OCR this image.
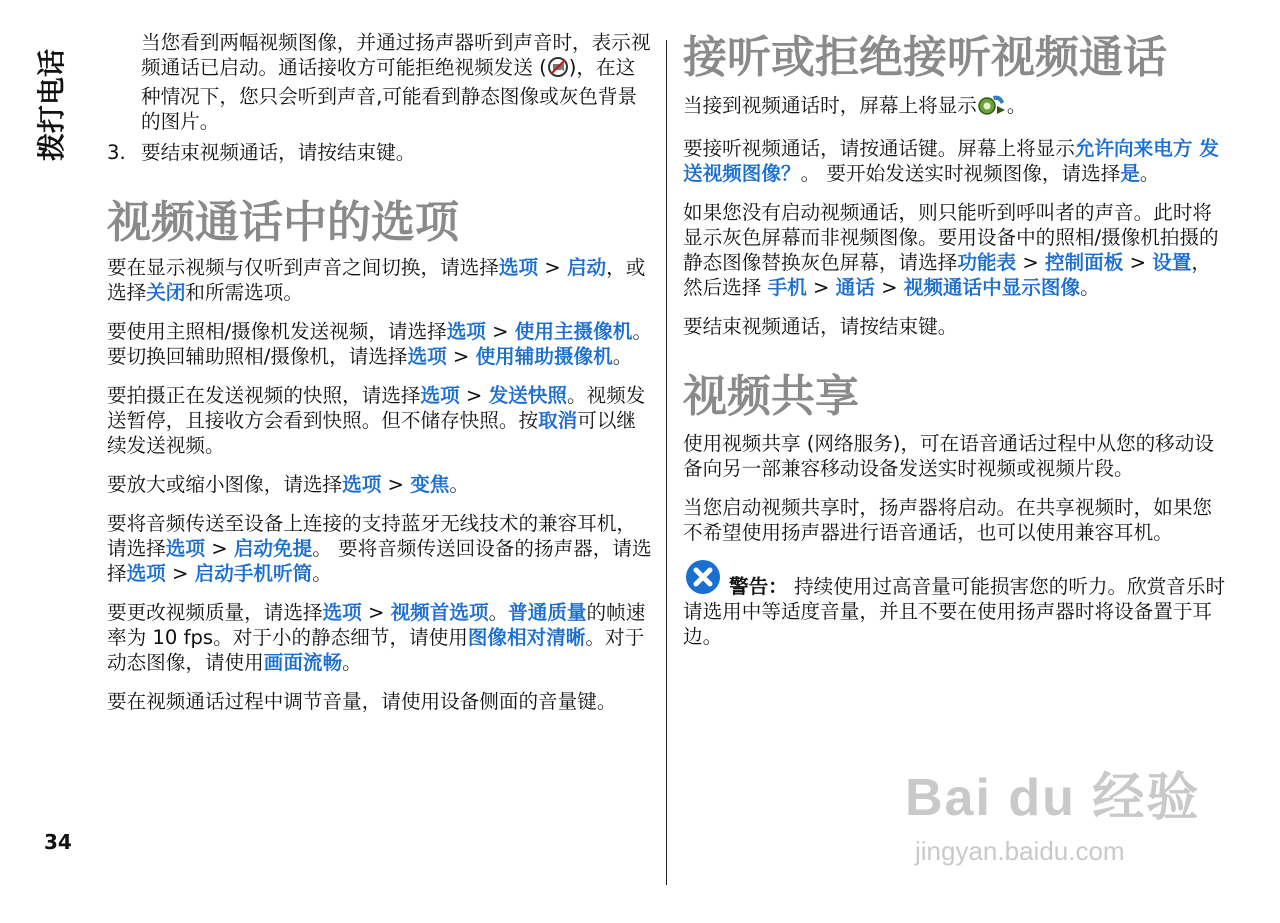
拨打电话
34

当您看到两幅视频图像，并通过扬声器听到声音时，表示视频通话已启动。通话接收方可能拒绝视频发送 ( )，在这种情况下，您只会听到声音,可能看到静态图像或灰色背景的图片。

3. 要结束视频通话，请按结束键。

视频通话中的选项

要在显示视频与仅听到声音之间切换，请选择选项 > 启动，或选择关闭和所需选项。

要使用主照相/摄像机发送视频，请选择选项 > 使用主摄像机。 要切换回辅助照相/摄像机，请选择选项 > 使用辅助摄像机。

要拍摄正在发送视频的快照，请选择选项 > 发送快照。视频发送暂停，且接收方会看到快照。但不储存快照。按取消可以继续发送视频。

要放大或缩小图像，请选择选项 > 变焦。

要将音频传送至设备上连接的支持蓝牙无线技术的兼容耳机，请选择选项 > 启动免提。 要将音频传送回设备的扬声器，请选择选项 > 启动手机听筒。

要更改视频质量，请选择选项 > 视频首选项。普通质量的帧速率为 10 fps。对于小的静态细节，请使用图像相对清晰。对于动态图像，请使用画面流畅。

要在视频通话过程中调节音量，请使用设备侧面的音量键。

接听或拒绝接听视频通话

当接到视频通话时，屏幕上将显示 。

要接听视频通话，请按通话键。屏幕上将显示允许向来电方 发送视频图像？。 要开始发送实时视频图像，请选择是。

如果您没有启动视频通话，则只能听到呼叫者的声音。此时将显示灰色屏幕而非视频图像。要用设备中的照相/摄像机拍摄的静态图像替换灰色屏幕，请选择功能表 > 控制面板 > 设置，然后选择 手机 > 通话 > 视频通话中显示图像。

要结束视频通话，请按结束键。

视频共享

使用视频共享 (网络服务)，可在语音通话过程中从您的移动设备向另一部兼容移动设备发送实时视频或视频片段。

当您启动视频共享时，扬声器将启动。在共享视频时，如果您不希望使用扬声器进行语音通话，也可以使用兼容耳机。

警告： 持续使用过高音量可能损害您的听力。欣赏音乐时请选用中等适度音量，并且不要在使用扬声器时将设备置于耳边。

Bai du 经验
jingyan.baidu.com
